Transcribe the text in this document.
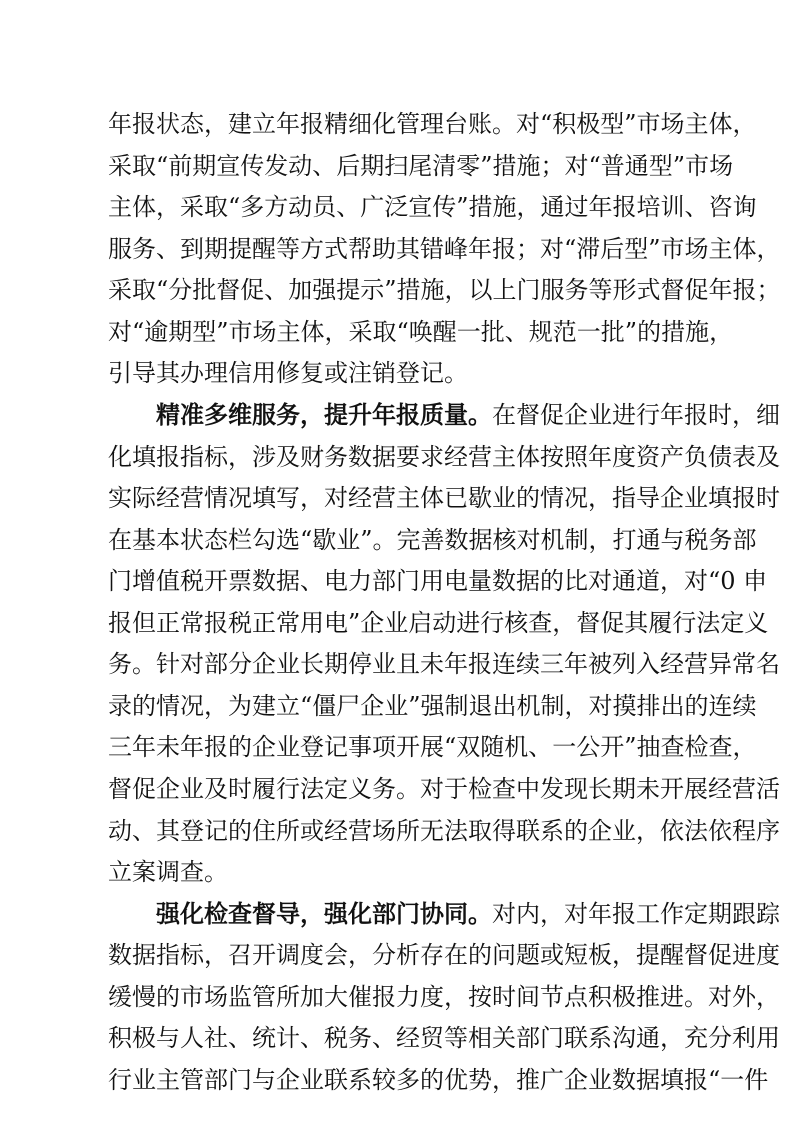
年报状态，建立年报精细化管理台账。对“积极型”市场主体，
采取“前期宣传发动、后期扫尾清零”措施；对“普通型”市场
主体，采取“多方动员、广泛宣传”措施，通过年报培训、咨询
服务、到期提醒等方式帮助其错峰年报；对“滞后型”市场主体，
采取“分批督促、加强提示”措施，以上门服务等形式督促年报；
对“逾期型”市场主体，采取“唤醒一批、规范一批”的措施，
引导其办理信用修复或注销登记。
精准多维服务，提升年报质量。在督促企业进行年报时，细
化填报指标，涉及财务数据要求经营主体按照年度资产负债表及
实际经营情况填写，对经营主体已歇业的情况，指导企业填报时
在基本状态栏勾选“歇业”。完善数据核对机制，打通与税务部
门增值税开票数据、电力部门用电量数据的比对通道，对“0 申
报但正常报税正常用电”企业启动进行核查，督促其履行法定义
务。针对部分企业长期停业且未年报连续三年被列入经营异常名
录的情况，为建立“僵尸企业”强制退出机制，对摸排出的连续
三年未年报的企业登记事项开展“双随机、一公开”抽查检查，
督促企业及时履行法定义务。对于检查中发现长期未开展经营活
动、其登记的住所或经营场所无法取得联系的企业，依法依程序
立案调查。
强化检查督导，强化部门协同。对内，对年报工作定期跟踪
数据指标，召开调度会，分析存在的问题或短板，提醒督促进度
缓慢的市场监管所加大催报力度，按时间节点积极推进。对外，
积极与人社、统计、税务、经贸等相关部门联系沟通，充分利用
行业主管部门与企业联系较多的优势，推广企业数据填报“一件
